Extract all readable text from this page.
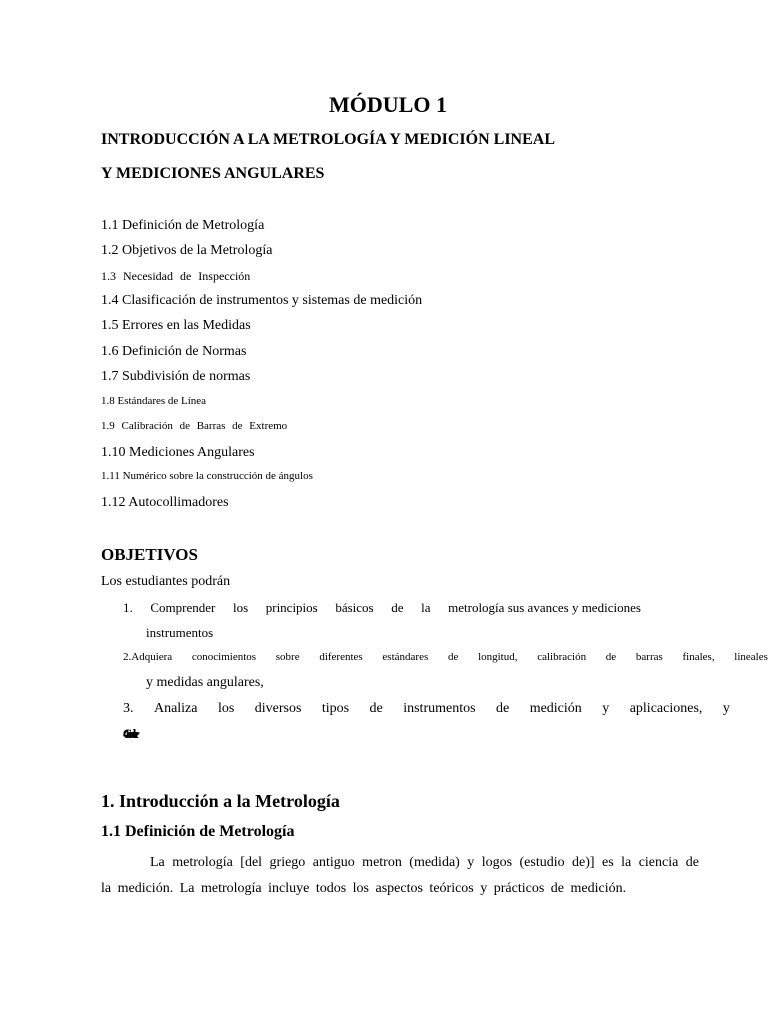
MÓDULO 1
INTRODUCCIÓN A LA METROLOGÍA Y MEDICIÓN LINEAL
Y MEDICIONES ANGULARES
1.1 Definición de Metrología
1.2 Objetivos de la Metrología
1.3 Necesidad de Inspección
1.4 Clasificación de instrumentos y sistemas de medición
1.5 Errores en las Medidas
1.6 Definición de Normas
1.7 Subdivisión de normas
1.8 Estándares de Línea
1.9 Calibración de Barras de Extremo
1.10 Mediciones Angulares
1.11 Numérico sobre la construcción de ángulos
1.12 Autocollimadores
OBJETIVOS
Los estudiantes podrán
1. Comprender los principios básicos de la metrología sus avances y mediciones
instrumentos
2.Adquiera conocimientos sobre diferentes estándares de longitud, calibración de barras finales, lineales
y medidas angulares,
3. Analiza los diversos tipos de instrumentos de medición y aplicaciones, y
4.Conocer los
1. Introducción a la Metrología
1.1 Definición de Metrología
La metrología [del griego antiguo metron (medida) y logos (estudio de)] es la ciencia de la medición. La metrología incluye todos los aspectos teóricos y prácticos de medición.
